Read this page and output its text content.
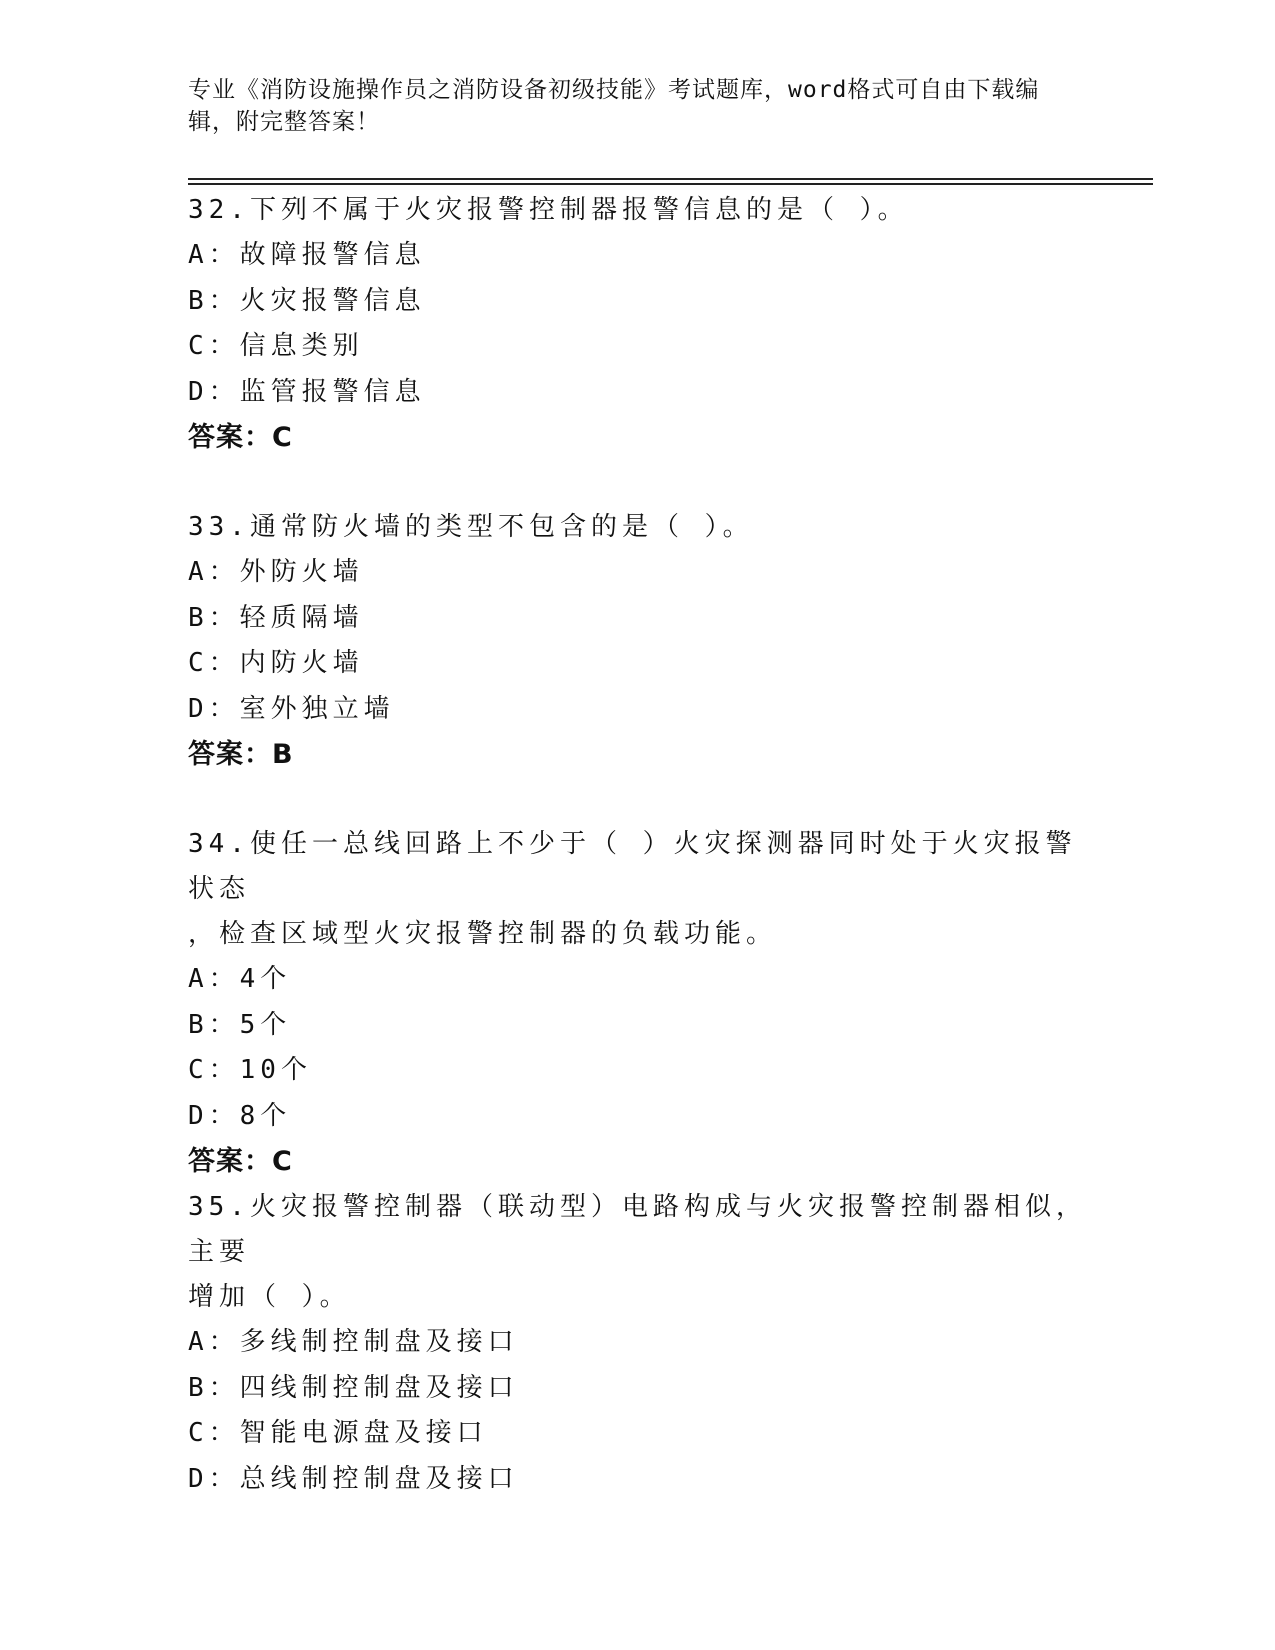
专业《消防设施操作员之消防设备初级技能》考试题库，word格式可自由下载编
辑，附完整答案！
32.下列不属于火灾报警控制器报警信息的是（ ）。
A：故障报警信息
B：火灾报警信息
C：信息类别
D：监管报警信息
答案：C
33.通常防火墙的类型不包含的是（ ）。
A：外防火墙
B：轻质隔墙
C：内防火墙
D：室外独立墙
答案：B
34.使任一总线回路上不少于（ ）火灾探测器同时处于火灾报警状态
，检查区域型火灾报警控制器的负载功能。
A：4个
B：5个
C：10个
D：8个
答案：C
35.火灾报警控制器（联动型）电路构成与火灾报警控制器相似，主要
增加（ ）。
A：多线制控制盘及接口
B：四线制控制盘及接口
C：智能电源盘及接口
D：总线制控制盘及接口
